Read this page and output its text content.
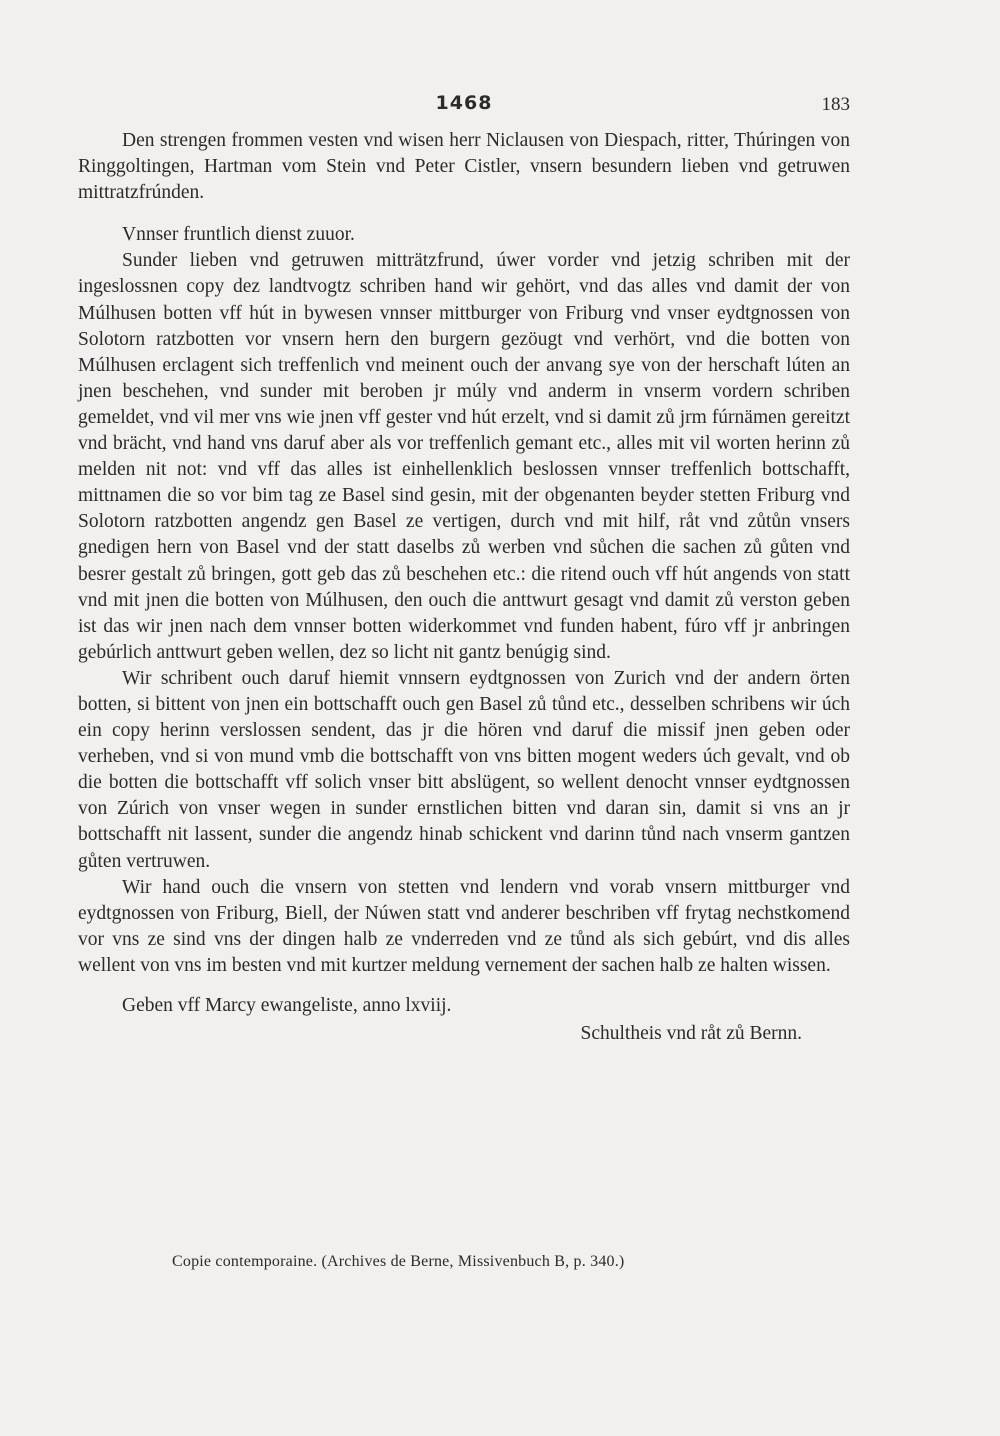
1468	183

Den strengen frommen vesten vnd wisen herr Niclausen von Diespach, ritter, Thúringen von Ringgoltingen, Hartman vom Stein vnd Peter Cistler, vnsern besundern lieben vnd getruwen mittratzfrúnden.

Vnnser fruntlich dienst zuuor.

Sunder lieben vnd getruwen mitträtzfrund, úwer vorder vnd jetzig schriben mit der ingeslossnen copy dez landtvogtz schriben hand wir gehört, vnd das alles vnd damit der von Múlhusen botten vff hút in bywesen vnnser mittburger von Friburg vnd vnser eydtgnossen von Solotorn ratzbotten vor vnsern hern den burgern gezöugt vnd verhört, vnd die botten von Múlhusen erclagent sich treffenlich vnd meinent ouch der anvang sye von der herschaft lúten an jnen beschehen, vnd sunder mit beroben jr múly vnd anderm in vnserm vordern schriben gemeldet, vnd vil mer vns wie jnen vff gester vnd hút erzelt, vnd si damit zů jrm fúrnämen gereitzt vnd brächt, vnd hand vns daruf aber als vor treffenlich gemant etc., alles mit vil worten herinn zů melden nit not: vnd vff das alles ist einhellenklich beslossen vnnser treffenlich bottschafft, mittnamen die so vor bim tag ze Basel sind gesin, mit der obgenanten beyder stetten Friburg vnd Solotorn ratzbotten angendz gen Basel ze vertigen, durch vnd mit hilf, råt vnd zůtůn vnsers gnedigen hern von Basel vnd der statt daselbs zů werben vnd sůchen die sachen zů gůten vnd besrer gestalt zů bringen, gott geb das zů beschehen etc.: die ritend ouch vff hút angends von statt vnd mit jnen die botten von Múlhusen, den ouch die anttwurt gesagt vnd damit zů verston geben ist das wir jnen nach dem vnnser botten widerkommet vnd funden habent, fúro vff jr anbringen gebúrlich anttwurt geben wellen, dez so licht nit gantz benúgig sind.

Wir schribent ouch daruf hiemit vnnsern eydtgnossen von Zurich vnd der andern örten botten, si bittent von jnen ein bottschafft ouch gen Basel zů tůnd etc., desselben schribens wir úch ein copy herinn verslossen sendent, das jr die hören vnd daruf die missif jnen geben oder verheben, vnd si von mund vmb die bottschafft von vns bitten mogent weders úch gevalt, vnd ob die botten die bottschafft vff solich vnser bitt abslügent, so wellent denocht vnnser eydtgnossen von Zúrich von vnser wegen in sunder ernstlichen bitten vnd daran sin, damit si vns an jr bottschafft nit lassent, sunder die angendz hinab schickent vnd darinn tůnd nach vnserm gantzen gůten vertruwen.

Wir hand ouch die vnsern von stetten vnd lendern vnd vorab vnsern mittburger vnd eydtgnossen von Friburg, Biell, der Núwen statt vnd anderer beschriben vff frytag nechstkomend vor vns ze sind vns der dingen halb ze vnderreden vnd ze tůnd als sich gebúrt, vnd dis alles wellent von vns im besten vnd mit kurtzer meldung vernement der sachen halb ze halten wissen.

Geben vff Marcy ewangeliste, anno lxviij.

Schultheis vnd råt zů Bernn.

Copie contemporaine. (Archives de Berne, Missivenbuch B, p. 340.)
